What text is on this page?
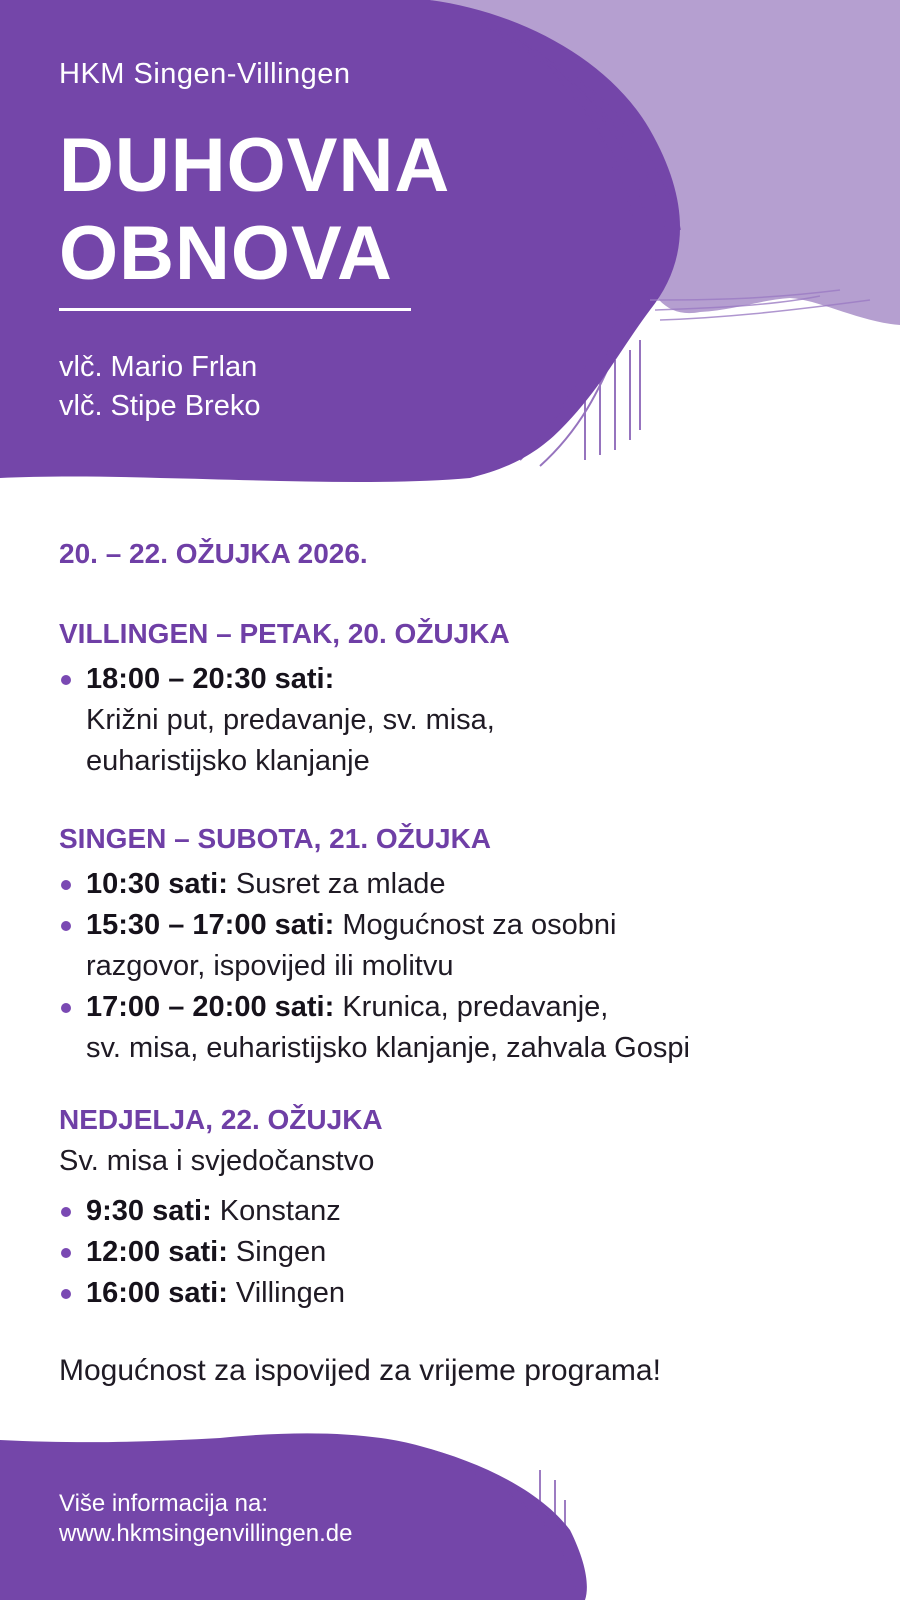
HKM Singen-Villingen
DUHOVNA
OBNOVA
vlč. Mario Frlan
vlč. Stipe Breko
20. – 22. OŽUJKA 2026.
VILLINGEN – PETAK, 20. OŽUJKA
18:00 – 20:30 sati:
Križni put, predavanje, sv. misa,
euharistijsko klanjanje
SINGEN – SUBOTA, 21. OŽUJKA
10:30 sati: Susret za mlade
15:30 – 17:00 sati: Mogućnost za osobni
razgovor, ispovijed ili molitvu
17:00 – 20:00 sati: Krunica, predavanje,
sv. misa, euharistijsko klanjanje, zahvala Gospi
NEDJELJA, 22. OŽUJKA
Sv. misa i svjedočanstvo
9:30 sati: Konstanz
12:00 sati: Singen
16:00 sati: Villingen
Mogućnost za ispovijed za vrijeme programa!
Više informacija na:
www.hkmsingenvillingen.de
